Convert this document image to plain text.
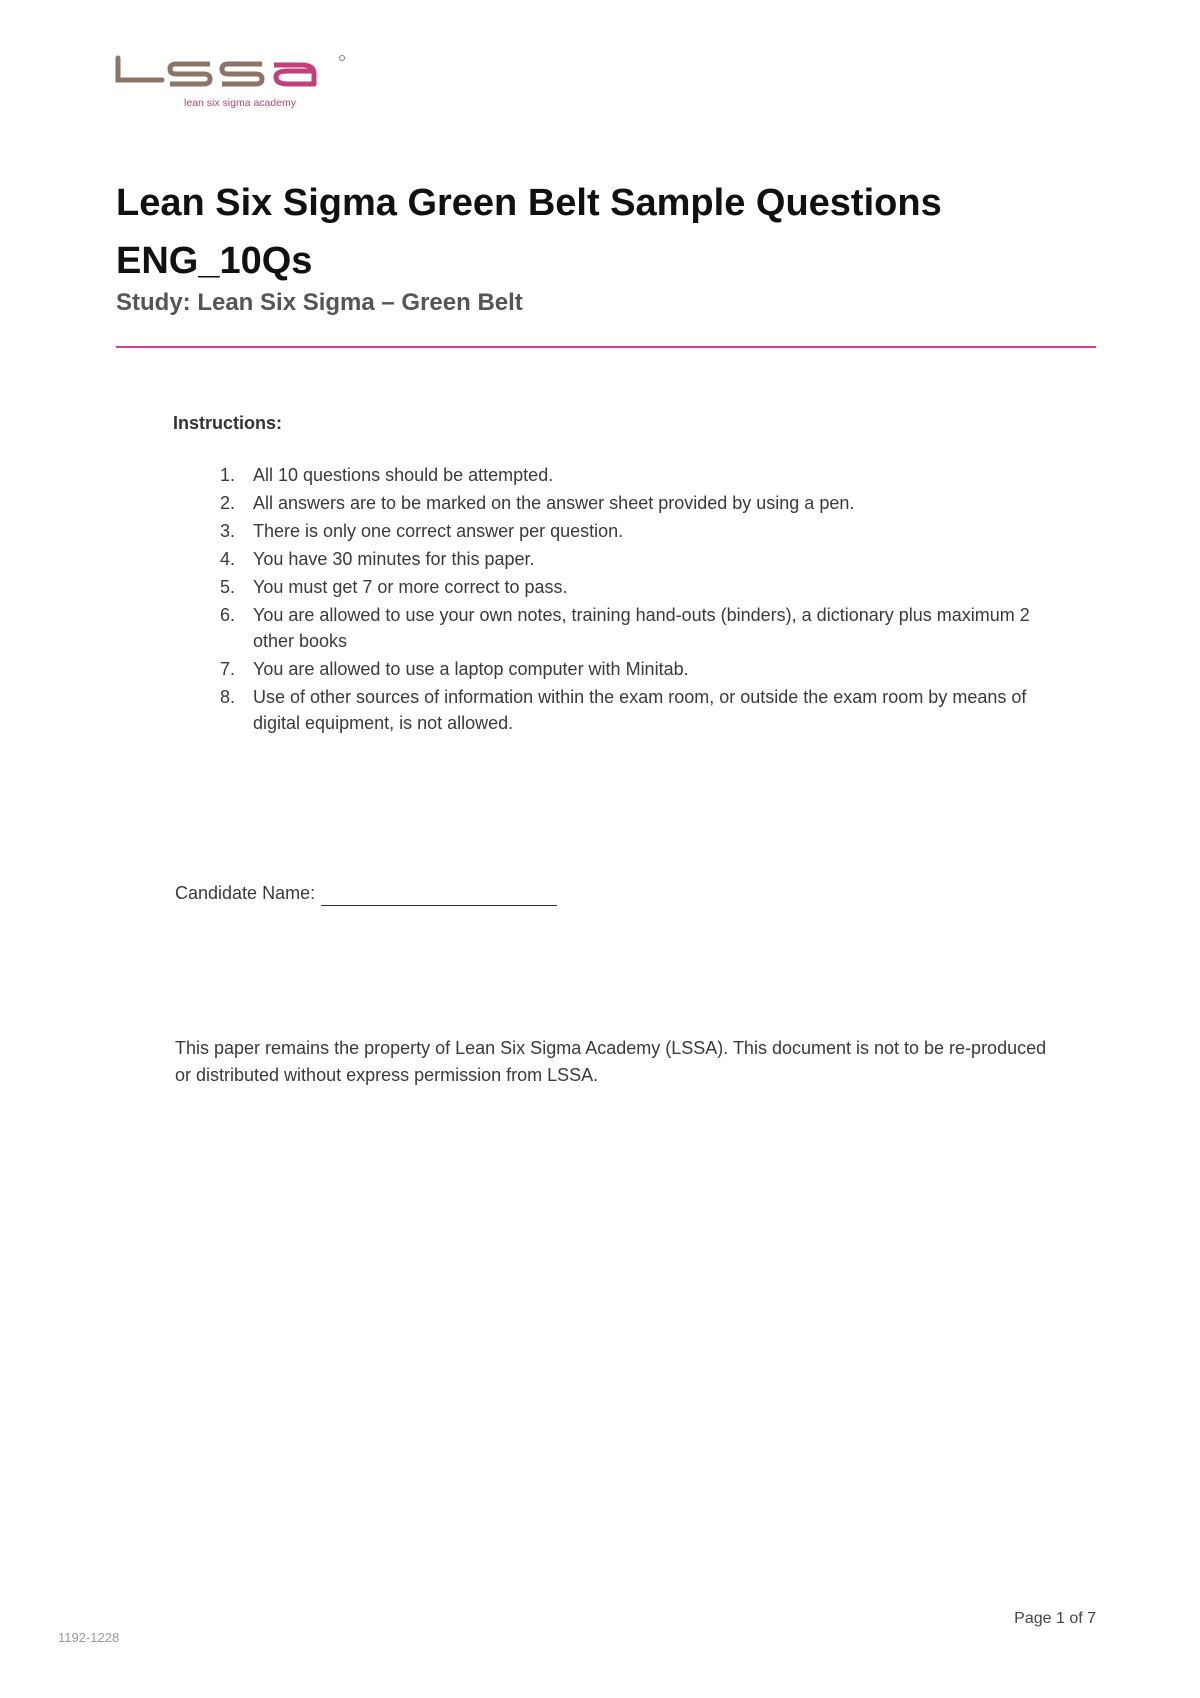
lean six sigma academy
Lean Six Sigma Green Belt Sample Questions ENG_10Qs
Study: Lean Six Sigma – Green Belt
Instructions:
1. All 10 questions should be attempted.
2. All answers are to be marked on the answer sheet provided by using a pen.
3. There is only one correct answer per question.
4. You have 30 minutes for this paper.
5. You must get 7 or more correct to pass.
6. You are allowed to use your own notes, training hand-outs (binders), a dictionary plus maximum 2 other books
7. You are allowed to use a laptop computer with Minitab.
8. Use of other sources of information within the exam room, or outside the exam room by means of digital equipment, is not allowed.
Candidate Name:

This paper remains the property of Lean Six Sigma Academy (LSSA). This document is not to be re-produced or distributed without express permission from LSSA.

Page 1 of 7
1192-1228
